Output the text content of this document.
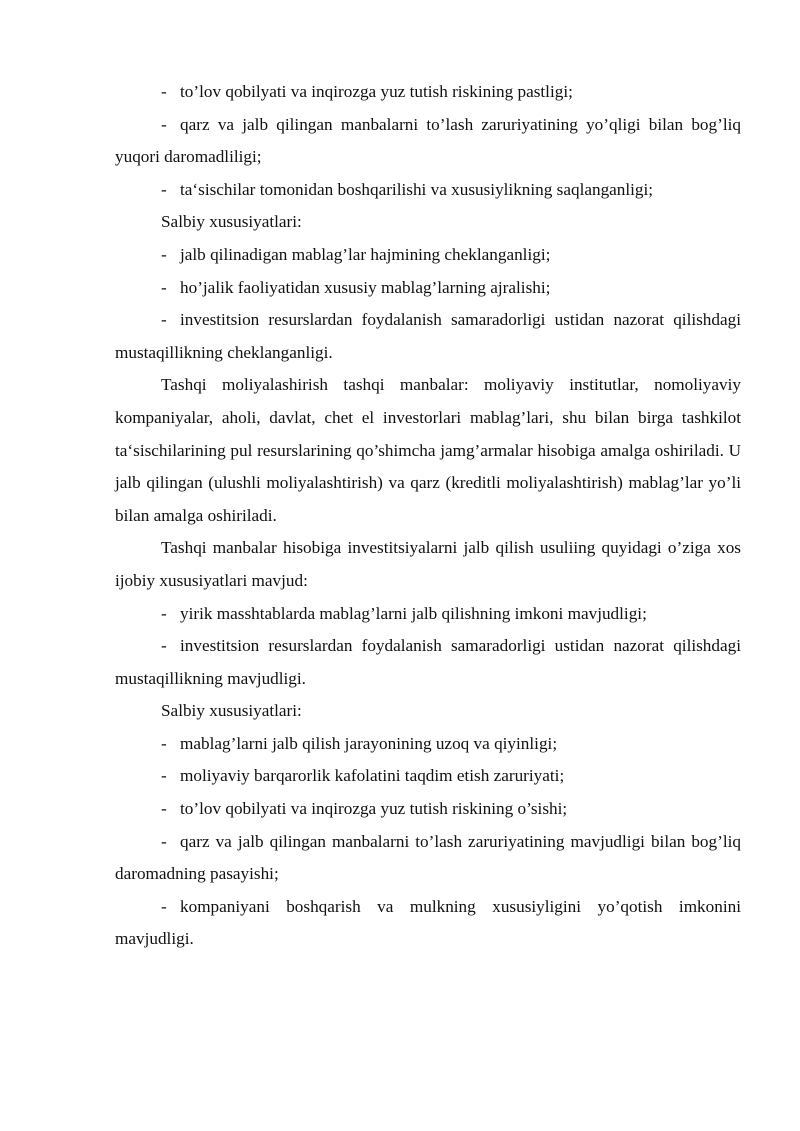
- to’lov qobilyati va inqirozga yuz tutish riskining pastligi;

- qarz va jalb qilingan manbalarni to’lash zaruriyatining yo’qligi bilan bog’liq yuqori daromadliligi;

- ta‘sischilar tomonidan boshqarilishi va xususiylikning saqlanganligi;

Salbiy xususiyatlari:

- jalb qilinadigan mablag’lar hajmining cheklanganligi;

- ho’jalik faoliyatidan xususiy mablag’larning ajralishi;

- investitsion resurslardan foydalanish samaradorligi ustidan nazorat qilishdagi mustaqillikning cheklanganligi.

Tashqi moliyalashirish tashqi manbalar: moliyaviy institutlar, nomoliyaviy kompaniyalar, aholi, davlat, chet el investorlari mablag’lari, shu bilan birga tashkilot ta‘sischilarining pul resurslarining qo’shimcha jamg’armalar hisobiga amalga oshiriladi. U jalb qilingan (ulushli moliyalashtirish) va qarz (kreditli moliyalashtirish) mablag’lar yo’li bilan amalga oshiriladi.

Tashqi manbalar hisobiga investitsiyalarni jalb qilish usuliing quyidagi o’ziga xos ijobiy xususiyatlari mavjud:

- yirik masshtablarda mablag’larni jalb qilishning imkoni mavjudligi;

- investitsion resurslardan foydalanish samaradorligi ustidan nazorat qilishdagi mustaqillikning mavjudligi.

Salbiy xususiyatlari:

- mablag’larni jalb qilish jarayonining uzoq va qiyinligi;

- moliyaviy barqarorlik kafolatini taqdim etish zaruriyati;

- to’lov qobilyati va inqirozga yuz tutish riskining o’sishi;

- qarz va jalb qilingan manbalarni to’lash zaruriyatining mavjudligi bilan bog’liq daromadning pasayishi;

- kompaniyani boshqarish va mulkning xususiyligini yo’qotish imkonini mavjudligi.
